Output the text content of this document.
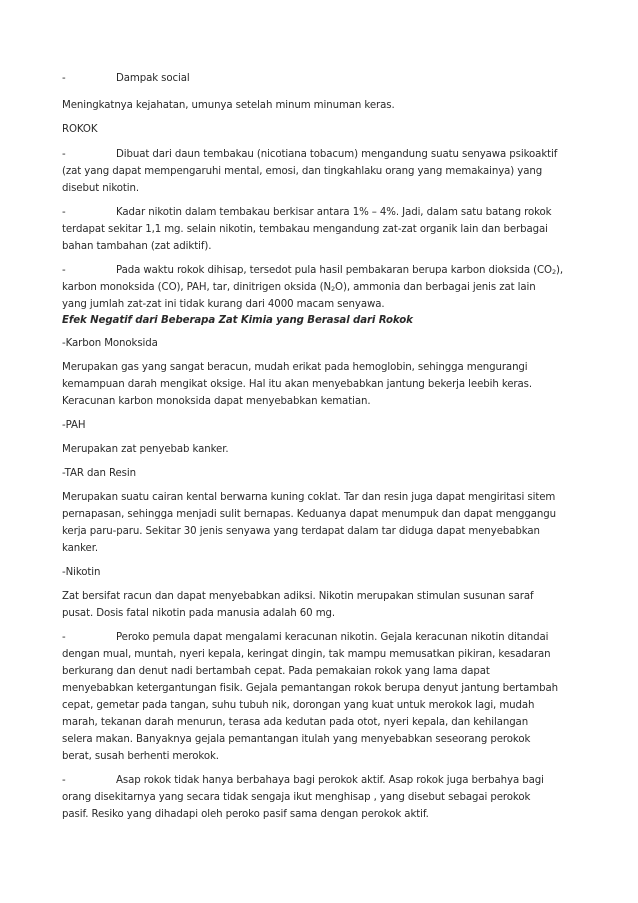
-	Dampak social
Meningkatnya kejahatan, umunya setelah minum minuman keras.
ROKOK
-	Dibuat dari daun tembakau (nicotiana tobacum) mengandung suatu senyawa psikoaktif
(zat yang dapat mempengaruhi mental, emosi, dan tingkahlaku orang yang memakainya) yang
disebut nikotin.
-	Kadar nikotin dalam tembakau berkisar antara 1% – 4%. Jadi, dalam satu batang rokok
terdapat sekitar 1,1 mg. selain nikotin, tembakau mengandung zat-zat organik lain dan berbagai
bahan tambahan (zat adiktif).
-	Pada waktu rokok dihisap, tersedot pula hasil pembakaran berupa karbon dioksida $(CO_2)$,
karbon monoksida (CO), PAH, tar, dinitrigen oksida $(N_2O)$, ammonia dan berbagai jenis zat lain
yang jumlah zat-zat ini tidak kurang dari 4000 macam senyawa.
Efek Negatif dari Beberapa Zat Kimia yang Berasal dari Rokok
-Karbon Monoksida
Merupakan gas yang sangat beracun, mudah erikat pada hemoglobin, sehingga mengurangi
kemampuan darah mengikat oksige. Hal itu akan menyebabkan jantung bekerja leebih keras.
Keracunan karbon monoksida dapat menyebabkan kematian.
-PAH
Merupakan zat penyebab kanker.
-TAR dan Resin
Merupakan suatu cairan kental berwarna kuning coklat. Tar dan resin juga dapat mengiritasi sitem
pernapasan, sehingga menjadi sulit bernapas. Keduanya dapat menumpuk dan dapat menggangu
kerja paru-paru. Sekitar 30 jenis senyawa yang terdapat dalam tar diduga dapat menyebabkan
kanker.
-Nikotin
Zat bersifat racun dan dapat menyebabkan adiksi. Nikotin merupakan stimulan susunan saraf
pusat. Dosis fatal nikotin pada manusia adalah 60 mg.
-	Peroko pemula dapat mengalami keracunan nikotin. Gejala keracunan nikotin ditandai
dengan mual, muntah, nyeri kepala, keringat dingin, tak mampu memusatkan pikiran, kesadaran
berkurang dan denut nadi bertambah cepat. Pada pemakaian rokok yang lama dapat
menyebabkan ketergantungan fisik. Gejala pemantangan rokok berupa denyut jantung bertambah
cepat, gemetar pada tangan, suhu tubuh nik, dorongan yang kuat untuk merokok lagi, mudah
marah, tekanan darah menurun, terasa ada kedutan pada otot, nyeri kepala, dan kehilangan
selera makan. Banyaknya gejala pemantangan itulah yang menyebabkan seseorang perokok
berat, susah berhenti merokok.
-	Asap rokok tidak hanya berbahaya bagi perokok aktif. Asap rokok juga berbahya bagi
orang disekitarnya yang secara tidak sengaja ikut menghisap , yang disebut sebagai perokok
pasif. Resiko yang dihadapi oleh peroko pasif sama dengan perokok aktif.
